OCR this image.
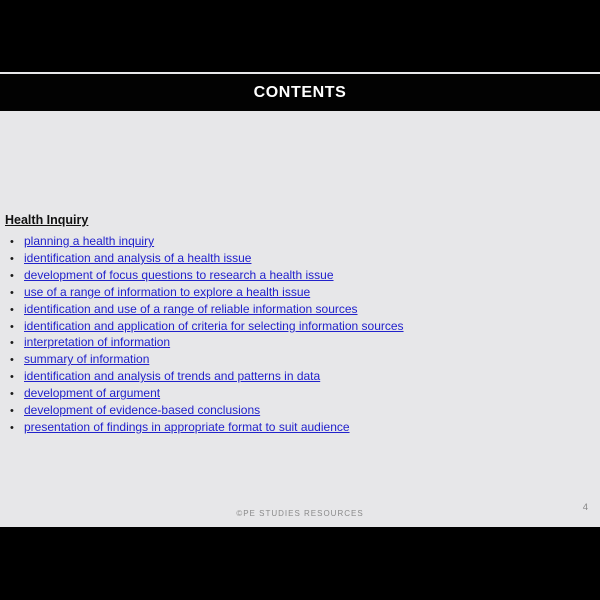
CONTENTS
Health Inquiry
• planning a health inquiry
• identification and analysis of a health issue
• development of focus questions to research a health issue
• use of a range of information to explore a health issue
• identification and use of a range of reliable information sources
• identification and application of criteria for selecting information sources
• interpretation of information
• summary of information
• identification and analysis of trends and patterns in data
• development of argument
• development of evidence-based conclusions
• presentation of findings in appropriate format to suit audience
©PE STUDIES RESOURCES
4
